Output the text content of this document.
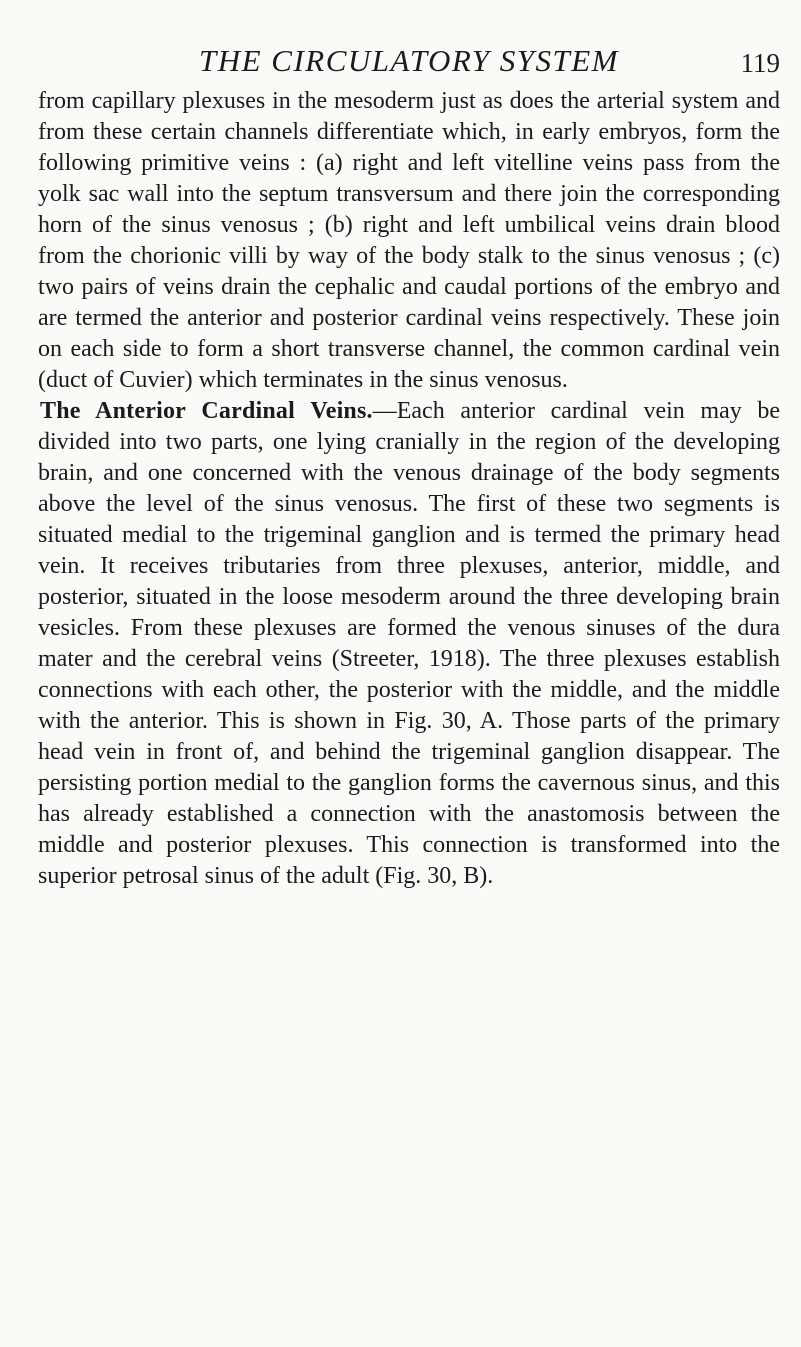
THE CIRCULATORY SYSTEM	119

from capillary plexuses in the mesoderm just as does the arterial system and from these certain channels differentiate which, in early embryos, form the following primitive veins : (a) right and left vitelline veins pass from the yolk sac wall into the septum transversum and there join the corresponding horn of the sinus venosus ; (b) right and left umbilical veins drain blood from the chorionic villi by way of the body stalk to the sinus venosus ; (c) two pairs of veins drain the cephalic and caudal portions of the embryo and are termed the anterior and posterior cardinal veins respectively. These join on each side to form a short transverse channel, the common cardinal vein (duct of Cuvier) which terminates in the sinus venosus.

The Anterior Cardinal Veins.—Each anterior cardinal vein may be divided into two parts, one lying cranially in the region of the developing brain, and one concerned with the venous drainage of the body segments above the level of the sinus venosus. The first of these two segments is situated medial to the trigeminal ganglion and is termed the primary head vein. It receives tributaries from three plexuses, anterior, middle, and posterior, situated in the loose mesoderm around the three developing brain vesicles. From these plexuses are formed the venous sinuses of the dura mater and the cerebral veins (Streeter, 1918). The three plexuses establish connections with each other, the posterior with the middle, and the middle with the anterior. This is shown in Fig. 30, A. Those parts of the primary head vein in front of, and behind the trigeminal ganglion disappear. The persisting portion medial to the ganglion forms the cavernous sinus, and this has already established a connection with the anastomosis between the middle and posterior plexuses. This connection is transformed into the superior petrosal sinus of the adult (Fig. 30, B).
